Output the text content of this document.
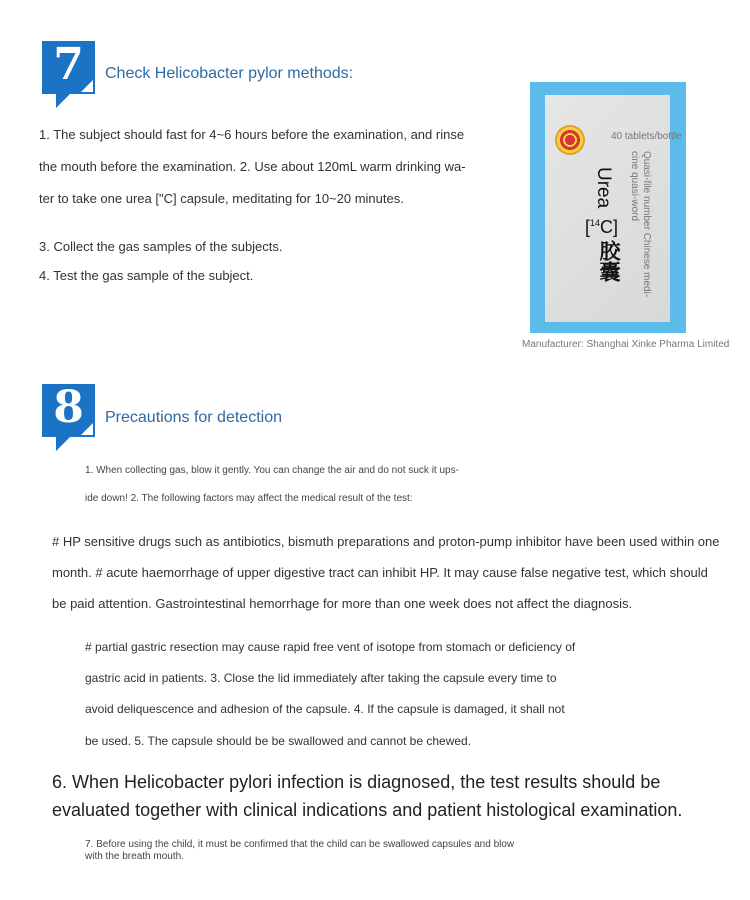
7	Check Helicobacter pylor methods:
1. The subject should fast for 4~6 hours before the examination, and rinse
the mouth before the examination. 2. Use about 120mL warm drinking wa-
ter to take one urea ["C] capsule, meditating for 10~20 minutes.
3. Collect the gas samples of the subjects.
4. Test the gas sample of the subject.
40 tablets/bottle
Quasi-file number Chinese medi-
cine quasi-word
Urea
[$^{14}$C]
胶囊
Manufacturer: Shanghai Xinke Pharma Limited
8	Precautions for detection
1. When collecting gas, blow it gently. You can change the air and do not suck it ups-
ide down! 2. The following factors may affect the medical result of the test:
# HP sensitive drugs such as antibiotics, bismuth preparations and proton-pump inhibitor have been used within one
month. # acute haemorrhage of upper digestive tract can inhibit HP. It may cause false negative test, which should
be paid attention. Gastrointestinal hemorrhage for more than one week does not affect the diagnosis.
# partial gastric resection may cause rapid free vent of isotope from stomach or deficiency of
gastric acid in patients. 3. Close the lid immediately after taking the capsule every time to
avoid deliquescence and adhesion of the capsule. 4. If the capsule is damaged, it shall not
be used. 5. The capsule should be be swallowed and cannot be chewed.
6. When Helicobacter pylori infection is diagnosed, the test results should be
evaluated together with clinical indications and patient histological examination.
7. Before using the child, it must be confirmed that the child can be swallowed capsules and blow
with the breath mouth.
